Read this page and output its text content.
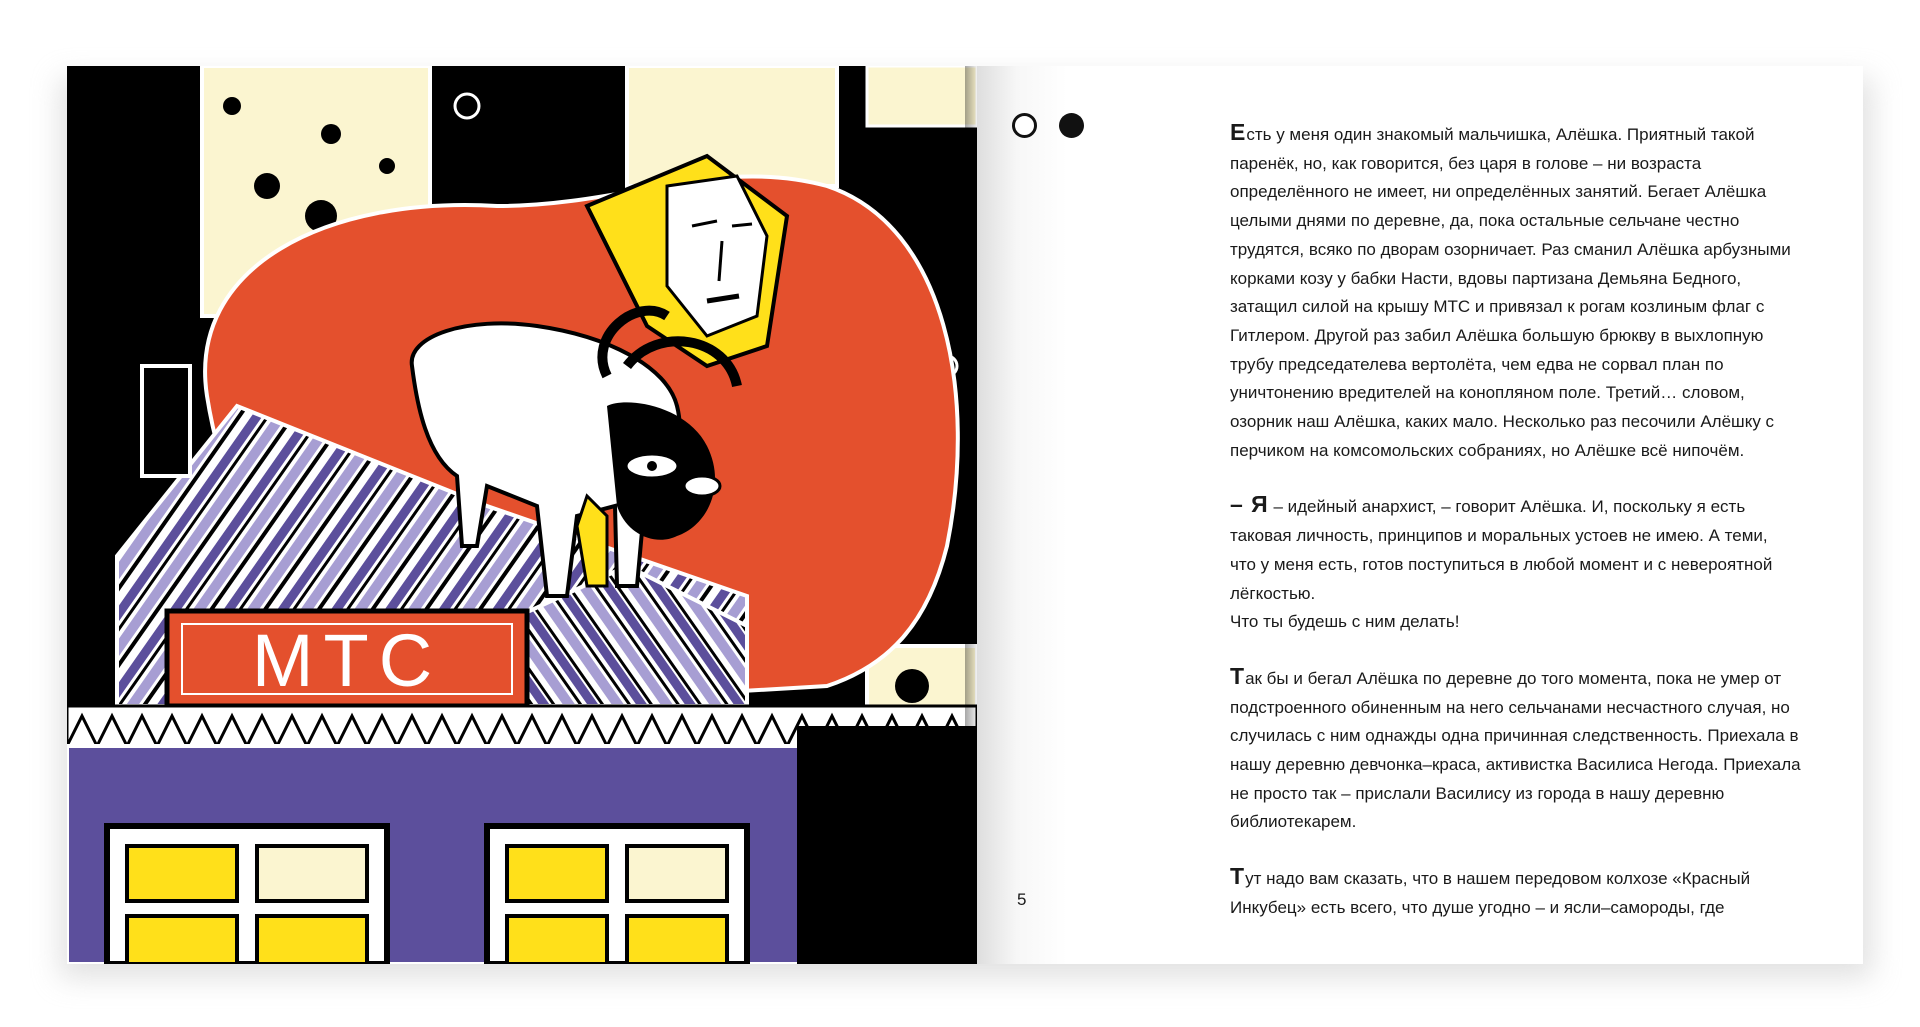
МТС

Есть у меня один знакомый мальчишка, Алёшка. Приятный такой
паренёк, но, как говорится, без царя в голове – ни возраста
определённого не имеет, ни определённых занятий. Бегает Алёшка
целыми днями по деревне, да, пока остальные сельчане честно
трудятся, всяко по дворам озорничает. Раз сманил Алёшка арбузными
корками козу у бабки Насти, вдовы партизана Демьяна Бедного,
затащил силой на крышу МТС и привязал к рогам козлиным флаг с
Гитлером. Другой раз забил Алёшка большую брюкву в выхлопную
трубу председателева вертолёта, чем едва не сорвал план по
уничтонению вредителей на конопляном поле. Третий… словом,
озорник наш Алёшка, каких мало. Несколько раз песочили Алёшку с
перчиком на комсомольских собраниях, но Алёшке всё нипочём.

– Я – идейный анархист, – говорит Алёшка. И, поскольку я есть
таковая личность, принципов и моральных устоев не имею. А теми,
что у меня есть, готов поступиться в любой момент и с невероятной
лёгкостью.
Что ты будешь с ним делать!

Так бы и бегал Алёшка по деревне до того момента, пока не умер от
подстроенного обиненным на него сельчанами несчастного случая, но
случилась с ним однажды одна причинная следственность. Приехала в
нашу деревню девчонка–краса, активистка Василиса Негода. Приехала
не просто так – прислали Василису из города в нашу деревню
библиотекарем.

Тут надо вам сказать, что в нашем передовом колхозе «Красный
Инкубец» есть всего, что душе угодно – и ясли–самороды, где

5
